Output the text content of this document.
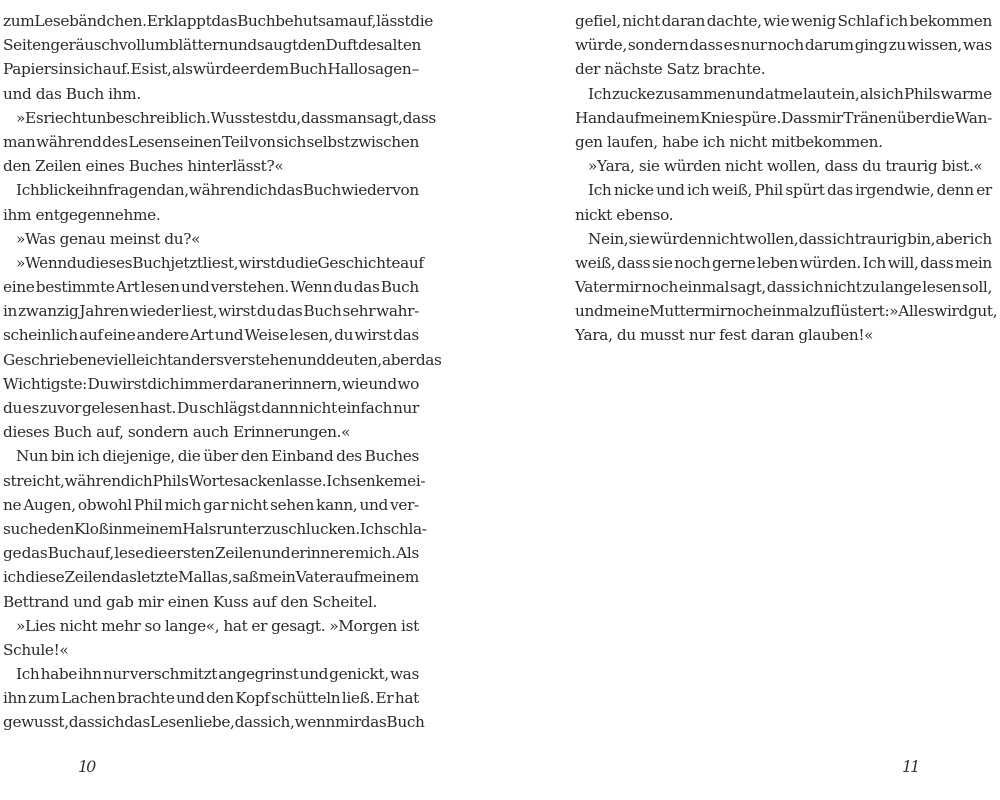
zum Lesebändchen. Er klappt das Buch behutsam auf, lässt die
Seiten geräuschvoll umblättern und saugt den Duft des alten
Papiers in sich auf. Es ist, als würde er dem Buch Hallo sagen –
und das Buch ihm.
»Es riecht unbeschreiblich. Wusstest du, dass man sagt, dass
man während des Lesens einen Teil von sich selbst zwischen
den Zeilen eines Buches hinterlässt?«
Ich blicke ihn fragend an, während ich das Buch wieder von
ihm entgegennehme.
»Was genau meinst du?«
»Wenn du dieses Buch jetzt liest, wirst du die Geschichte auf
eine bestimmte Art lesen und verstehen. Wenn du das Buch
in zwanzig Jahren wieder liest, wirst du das Buch sehr wahr-
scheinlich auf eine andere Art und Weise lesen, du wirst das
Geschriebene vielleicht anders verstehen und deuten, aber das
Wichtigste: Du wirst dich immer daran erinnern, wie und wo
du es zuvor gelesen hast. Du schlägst dann nicht einfach nur
dieses Buch auf, sondern auch Erinnerungen.«
Nun bin ich diejenige, die über den Einband des Buches
streicht, während ich Phils Worte sacken lasse. Ich senke mei-
ne Augen, obwohl Phil mich gar nicht sehen kann, und ver-
suche den Kloß in meinem Hals runterzuschlucken. Ich schla-
ge das Buch auf, lese die ersten Zeilen und erinnere mich. Als
ich diese Zeilen das letzte Mal las, saß mein Vater auf meinem
Bettrand und gab mir einen Kuss auf den Scheitel.
»Lies nicht mehr so lange«, hat er gesagt. »Morgen ist
Schule!«
Ich habe ihn nur verschmitzt angegrinst und genickt, was
ihn zum Lachen brachte und den Kopf schütteln ließ. Er hat
gewusst, dass ich das Lesen liebe, dass ich, wenn mir das Buch
gefiel, nicht daran dachte, wie wenig Schlaf ich bekommen
würde, sondern dass es nur noch darum ging zu wissen, was
der nächste Satz brachte.
Ich zucke zusammen und atme laut ein, als ich Phils warme
Hand auf meinem Knie spüre. Dass mir Tränen über die Wan-
gen laufen, habe ich nicht mitbekommen.
»Yara, sie würden nicht wollen, dass du traurig bist.«
Ich nicke und ich weiß, Phil spürt das irgendwie, denn er
nickt ebenso.
Nein, sie würden nicht wollen, dass ich traurig bin, aber ich
weiß, dass sie noch gerne leben würden. Ich will, dass mein
Vater mir noch einmal sagt, dass ich nicht zu lange lesen soll,
und meine Mutter mir noch einmal zuflüstert: »Alles wird gut,
Yara, du musst nur fest daran glauben!«
10	11
